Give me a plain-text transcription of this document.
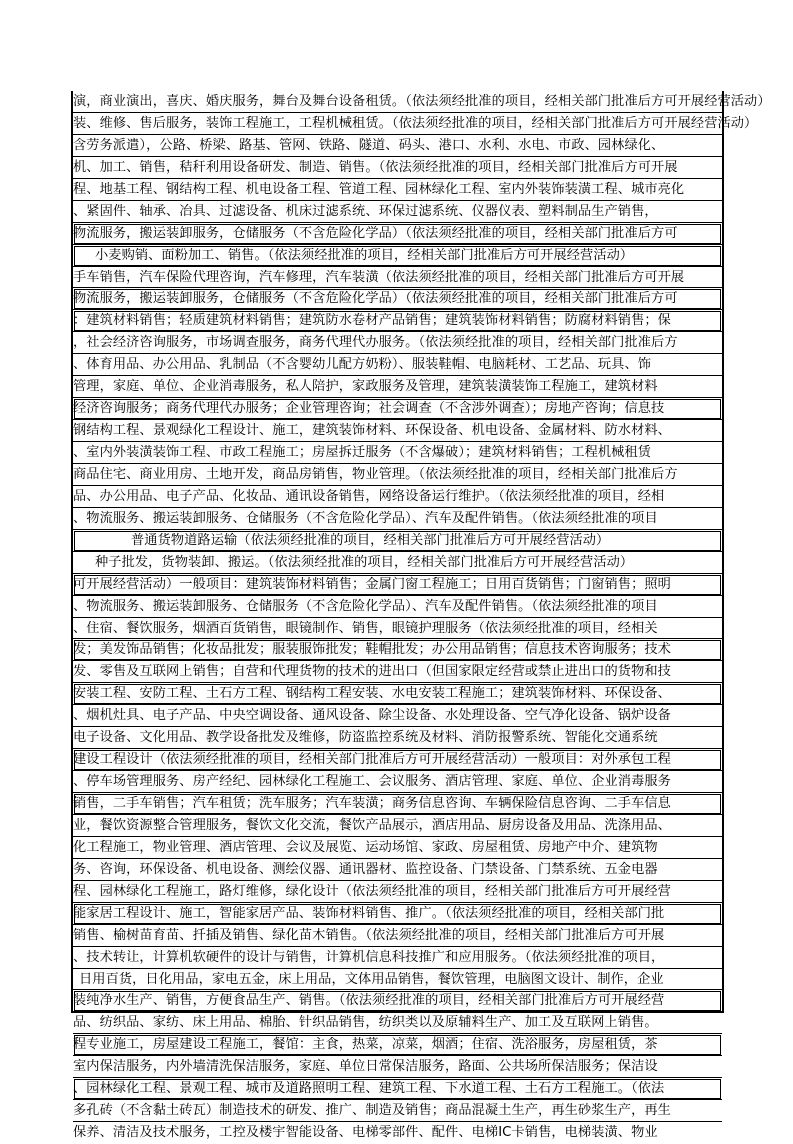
演，商业演出，喜庆、婚庆服务，舞台及舞台设备租赁。（依法须经批准的项目，经相关部门批准后方可开展经营活动）
装、维修、售后服务，装饰工程施工，工程机械租赁。（依法须经批准的项目，经相关部门批准后方可开展经营活动）
含劳务派遣），公路、桥梁、路基、管网、铁路、隧道、码头、港口、水利、水电、市政、园林绿化、
机、加工、销售，秸秆利用设备研发、制造、销售。（依法须经批准的项目，经相关部门批准后方可开展
程、地基工程、钢结构工程、机电设备工程、管道工程、园林绿化工程、室内外装饰装潢工程、城市亮化
、紧固件、轴承、冶具、过滤设备、机床过滤系统、环保过滤系统、仪器仪表、塑料制品生产销售，
物流服务，搬运装卸服务，仓储服务（不含危险化学品）（依法须经批准的项目，经相关部门批准后方可
小麦购销、面粉加工、销售。（依法须经批准的项目，经相关部门批准后方可开展经营活动）
手车销售，汽车保险代理咨询，汽车修理，汽车装潢（依法须经批准的项目，经相关部门批准后方可开展
物流服务，搬运装卸服务，仓储服务（不含危险化学品）（依法须经批准的项目，经相关部门批准后方可
：建筑材料销售；轻质建筑材料销售；建筑防水卷材产品销售；建筑装饰材料销售；防腐材料销售；保
，社会经济咨询服务，市场调查服务，商务代理代办服务。（依法须经批准的项目，经相关部门批准后方
、体育用品、办公用品、乳制品（不含婴幼儿配方奶粉）、服装鞋帽、电脑耗材、工艺品、玩具、饰
管理，家庭、单位、企业消毒服务，私人陪护，家政服务及管理，建筑装潢装饰工程施工，建筑材料
经济咨询服务；商务代理代办服务；企业管理咨询；社会调查（不含涉外调查）；房地产咨询；信息技
钢结构工程、景观绿化工程设计、施工，建筑装饰材料、环保设备、机电设备、金属材料、防水材料、
、室内外装潢装饰工程、市政工程施工；房屋拆迁服务（不含爆破）；建筑材料销售；工程机械租赁
商品住宅、商业用房、土地开发，商品房销售，物业管理。（依法须经批准的项目，经相关部门批准后方
品、办公用品、电子产品、化妆品、通讯设备销售，网络设备运行维护。（依法须经批准的项目，经相
、物流服务、搬运装卸服务、仓储服务（不含危险化学品）、汽车及配件销售。（依法须经批准的项目
普通货物道路运输（依法须经批准的项目，经相关部门批准后方可开展经营活动）
种子批发，货物装卸、搬运。（依法须经批准的项目，经相关部门批准后方可开展经营活动）
可开展经营活动）一般项目：建筑装饰材料销售；金属门窗工程施工；日用百货销售；门窗销售；照明
、物流服务、搬运装卸服务、仓储服务（不含危险化学品）、汽车及配件销售。（依法须经批准的项目
、住宿、餐饮服务，烟酒百货销售，眼镜制作、销售，眼镜护理服务（依法须经批准的项目，经相关
发；美发饰品销售；化妆品批发；服装服饰批发；鞋帽批发；办公用品销售；信息技术咨询服务；技术
发、零售及互联网上销售；自营和代理货物的技术的进出口（但国家限定经营或禁止进出口的货物和技
安装工程、安防工程、土石方工程、钢结构工程安装、水电安装工程施工；建筑装饰材料、环保设备、
、烟机灶具、电子产品、中央空调设备、通风设备、除尘设备、水处理设备、空气净化设备、锅炉设备
电子设备、文化用品、教学设备批发及维修，防盗监控系统及材料、消防报警系统、智能化交通系统
建设工程设计（依法须经批准的项目，经相关部门批准后方可开展经营活动）一般项目：对外承包工程
、停车场管理服务、房产经纪、园林绿化工程施工、会议服务、酒店管理、家庭、单位、企业消毒服务
销售，二手车销售；汽车租赁；洗车服务；汽车装潢；商务信息咨询、车辆保险信息咨询、二手车信息
业，餐饮资源整合管理服务，餐饮文化交流，餐饮产品展示，酒店用品、厨房设备及用品、洗涤用品、
化工程施工，物业管理、酒店管理、会议及展览、运动场馆、家政、房屋租赁、房地产中介、建筑物
务、咨询，环保设备、机电设备、测绘仪器、通讯器材、监控设备、门禁设备、门禁系统、五金电器
程、园林绿化工程施工，路灯维修，绿化设计（依法须经批准的项目，经相关部门批准后方可开展经营
能家居工程设计、施工，智能家居产品、装饰材料销售、推广。（依法须经批准的项目，经相关部门批
销售、榆树苗育苗、扦插及销售、绿化苗木销售。（依法须经批准的项目，经相关部门批准后方可开展
、技术转让，计算机软硬件的设计与销售，计算机信息科技推广和应用服务。（依法须经批准的项目，
日用百货，日化用品，家电五金，床上用品，文体用品销售，餐饮管理，电脑图文设计、制作，企业
装纯净水生产、销售，方便食品生产、销售。（依法须经批准的项目，经相关部门批准后方可开展经营
品、纺织品、家纺、床上用品、棉胎、针织品销售，纺织类以及原辅料生产、加工及互联网上销售。
程专业施工，房屋建设工程施工，餐馆：主食，热菜，凉菜，烟酒；住宿、洗浴服务，房屋租赁，茶
室内保洁服务，内外墙清洗保洁服务，家庭、单位日常保洁服务，路面、公共场所保洁服务；保洁设
、园林绿化工程、景观工程、城市及道路照明工程、建筑工程、下水道工程、土石方工程施工。（依法
多孔砖（不含黏土砖瓦）制造技术的研发、推广、制造及销售；商品混凝土生产，再生砂浆生产，再生
保养、清洁及技术服务，工控及楼宇智能设备、电梯零部件、配件、电梯IC卡销售，电梯装潢、物业
